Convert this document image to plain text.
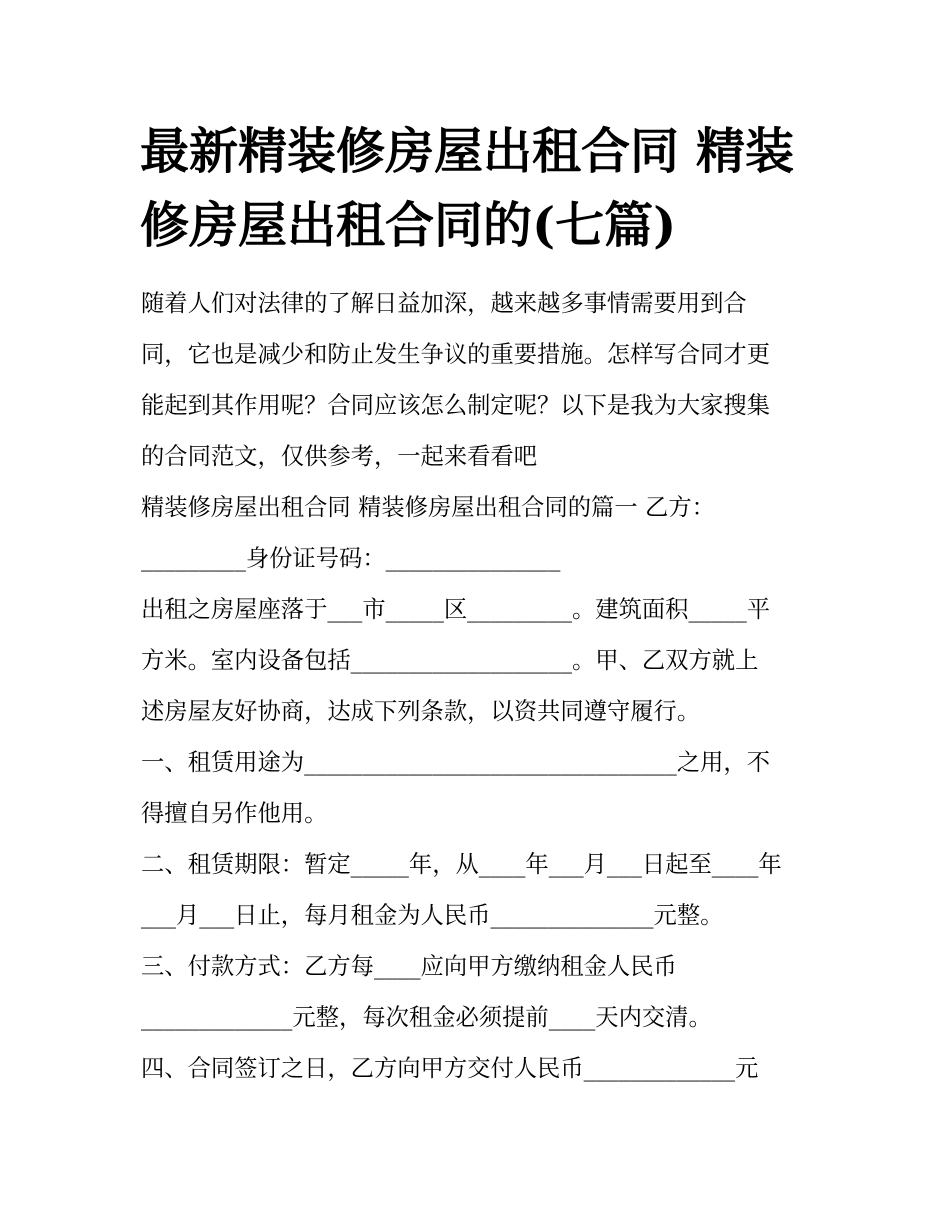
最新精装修房屋出租合同 精装
修房屋出租合同的(七篇)
随着人们对法律的了解日益加深，越来越多事情需要用到合
同，它也是减少和防止发生争议的重要措施。怎样写合同才更
能起到其作用呢？合同应该怎么制定呢？以下是我为大家搜集
的合同范文，仅供参考，一起来看看吧
精装修房屋出租合同 精装修房屋出租合同的篇一 乙方：
_________身份证号码：_______________
出租之房屋座落于___市_____区_________。建筑面积_____平
方米。室内设备包括___________________。甲、乙双方就上
述房屋友好协商，达成下列条款，以资共同遵守履行。
一、租赁用途为________________________________之用，不
得擅自另作他用。
二、租赁期限：暂定_____年，从____年___月___日起至____年
___月___日止，每月租金为人民币______________元整。
三、付款方式：乙方每____应向甲方缴纳租金人民币
_____________元整，每次租金必须提前____天内交清。
四、合同签订之日，乙方向甲方交付人民币_____________元
